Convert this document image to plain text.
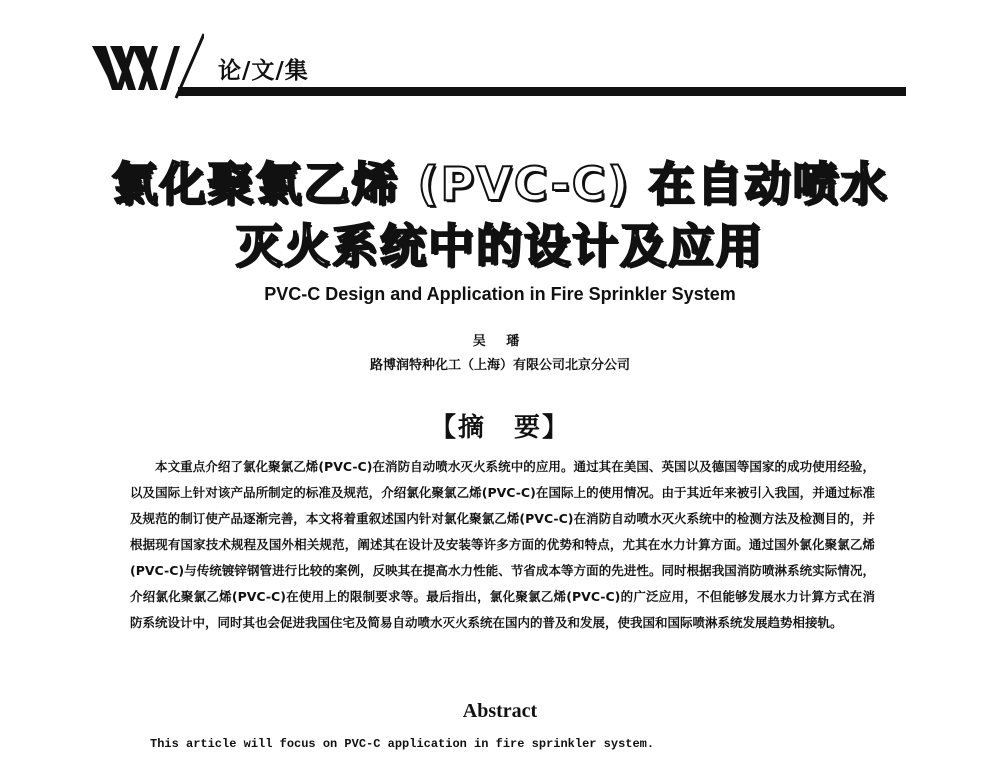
论/文/集
氯化聚氯乙烯 (PVC-C) 在自动喷水
灭火系统中的设计及应用
PVC-C Design and Application in Fire Sprinkler System
吴 璠
路博润特种化工（上海）有限公司北京分公司
【摘　要】
本文重点介绍了氯化聚氯乙烯(PVC-C)在消防自动喷水灭火系统中的应用。通过其在美国、英国以及德国等国家的成功使用经验，以及国际上针对该产品所制定的标准及规范，介绍氯化聚氯乙烯(PVC-C)在国际上的使用情况。由于其近年来被引入我国，并通过标准及规范的制订使产品逐渐完善，本文将着重叙述国内针对氯化聚氯乙烯(PVC-C)在消防自动喷水灭火系统中的检测方法及检测目的，并根据现有国家技术规程及国外相关规范，阐述其在设计及安装等许多方面的优势和特点，尤其在水力计算方面。通过国外氯化聚氯乙烯(PVC-C)与传统镀锌钢管进行比较的案例，反映其在提高水力性能、节省成本等方面的先进性。同时根据我国消防喷淋系统实际情况，介绍氯化聚氯乙烯(PVC-C)在使用上的限制要求等。最后指出，氯化聚氯乙烯(PVC-C)的广泛应用，不但能够发展水力计算方式在消防系统设计中，同时其也会促进我国住宅及简易自动喷水灭火系统在国内的普及和发展，使我国和国际喷淋系统发展趋势相接轨。
Abstract
This article will focus on PVC-C application in fire sprinkler system.
